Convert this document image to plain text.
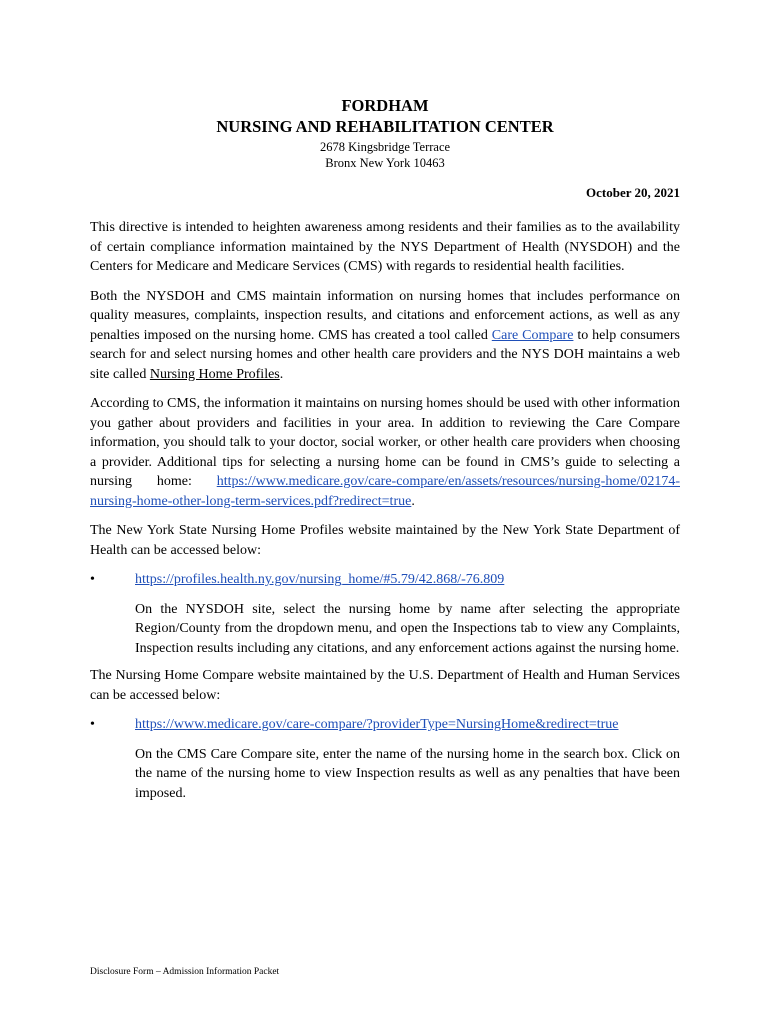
FORDHAM

NURSING AND REHABILITATION CENTER

2678 Kingsbridge Terrace

Bronx New York 10463

October 20, 2021

This directive is intended to heighten awareness among residents and their families as to the availability of certain compliance information maintained by the NYS Department of Health (NYSDOH) and the Centers for Medicare and Medicare Services (CMS) with regards to residential health facilities.

Both the NYSDOH and CMS maintain information on nursing homes that includes performance on quality measures, complaints, inspection results, and citations and enforcement actions, as well as any penalties imposed on the nursing home. CMS has created a tool called Care Compare to help consumers search for and select nursing homes and other health care providers and the NYS DOH maintains a web site called Nursing Home Profiles.

According to CMS, the information it maintains on nursing homes should be used with other information you gather about providers and facilities in your area. In addition to reviewing the Care Compare information, you should talk to your doctor, social worker, or other health care providers when choosing a provider. Additional tips for selecting a nursing home can be found in CMS’s guide to selecting a nursing home: https://www.medicare.gov/care-compare/en/assets/resources/nursing-home/02174-nursing-home-other-long-term-services.pdf?redirect=true.

The New York State Nursing Home Profiles website maintained by the New York State Department of Health can be accessed below:

•	https://profiles.health.ny.gov/nursing_home/#5.79/42.868/-76.809

On the NYSDOH site, select the nursing home by name after selecting the appropriate Region/County from the dropdown menu, and open the Inspections tab to view any Complaints, Inspection results including any citations, and any enforcement actions against the nursing home.

The Nursing Home Compare website maintained by the U.S. Department of Health and Human Services can be accessed below:

•	https://www.medicare.gov/care-compare/?providerType=NursingHome&redirect=true

On the CMS Care Compare site, enter the name of the nursing home in the search box. Click on the name of the nursing home to view Inspection results as well as any penalties that have been imposed.

Disclosure Form – Admission Information Packet
